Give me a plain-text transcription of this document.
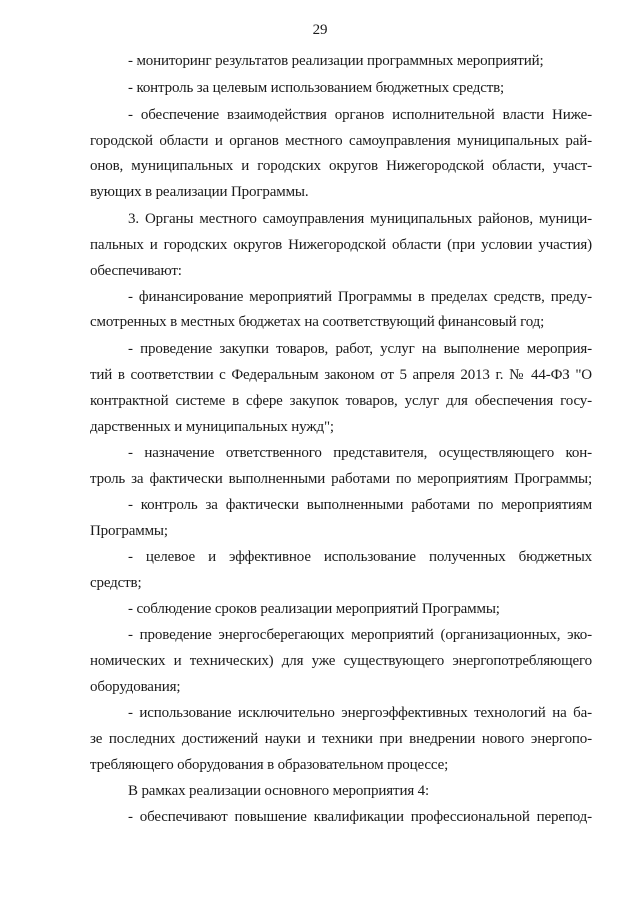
29
- мониторинг результатов реализации программных мероприятий;
- контроль за целевым использованием бюджетных средств;
- обеспечение взаимодействия органов исполнительной власти Ниже-
городской области и органов местного самоуправления муниципальных рай-
онов, муниципальных и городских округов Нижегородской области, участ-
вующих в реализации Программы.
3. Органы местного самоуправления муниципальных районов, муници-
пальных и городских округов Нижегородской области (при условии участия)
обеспечивают:
- финансирование мероприятий Программы в пределах средств, преду-
смотренных в местных бюджетах на соответствующий финансовый год;
- проведение закупки товаров, работ, услуг на выполнение мероприя-
тий в соответствии с Федеральным законом от 5 апреля 2013 г. № 44-ФЗ "О
контрактной системе в сфере закупок товаров, услуг для обеспечения госу-
дарственных и муниципальных нужд";
- назначение ответственного представителя, осуществляющего кон-
троль за фактически выполненными работами по мероприятиям Программы;
- контроль за фактически выполненными работами по мероприятиям
Программы;
- целевое и эффективное использование полученных бюджетных
средств;
- соблюдение сроков реализации мероприятий Программы;
- проведение энергосберегающих мероприятий (организационных, эко-
номических и технических) для уже существующего энергопотребляющего
оборудования;
- использование исключительно энергоэффективных технологий на ба-
зе последних достижений науки и техники при внедрении нового энергопо-
требляющего оборудования в образовательном процессе;
В рамках реализации основного мероприятия 4:
- обеспечивают повышение квалификации профессиональной перепод-
